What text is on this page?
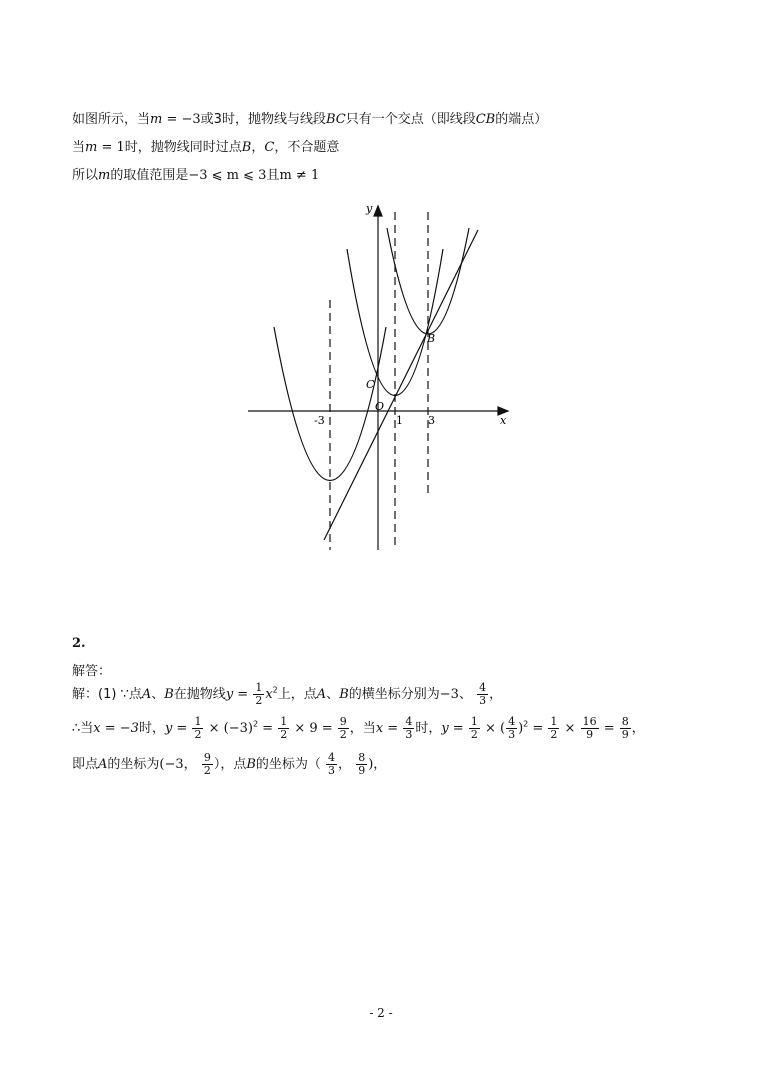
如图所示，当m = −3或3时，抛物线与线段BC只有一个交点（即线段CB的端点）
当m = 1时，抛物线同时过点B，C，不合题意
所以m的取值范围是−3 ⩽ m ⩽ 3且m ≠ 1
y
x
O
B
C
-3	1 3
2.
解答：
解：(1) ∵点A、B在抛物线$y = \frac{1}{2} x^2$上，点A、B的横坐标分别为−3、 $\frac{4}{3}$ ，
∴当x = −3时，$y = \frac{1}{2} \times (-3)^2 = \frac{1}{2} \times 9 = \frac{9}{2}$ ，当$x = \frac{4}{3}$ 时，$y = \frac{1}{2}$ × ( $\frac{4}{3} )^2 = \frac{1}{2} \times \frac{16}{9} = \frac{8}{9}$ ，
即点A的坐标为(−3， $\frac{9}{2}$ ），点B的坐标为（ $\frac{4}{3}$ ， $\frac{8}{9}$ )，
- 2 -
